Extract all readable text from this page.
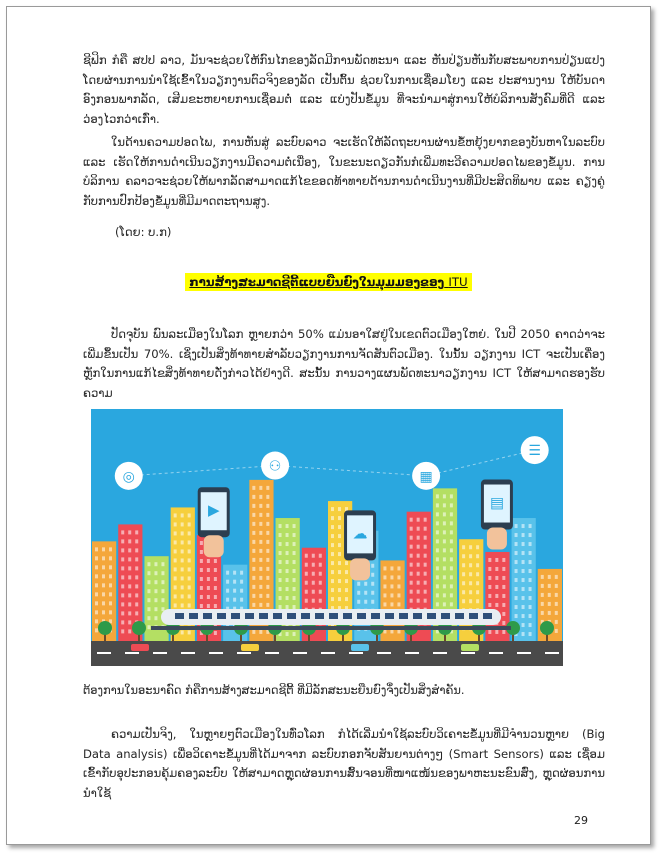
ຊີຟິກ ກໍຄື ສປປ ລາວ, ມັນຈະຊ່ວຍໃຫ້ກົນໄກຂອງລັດມີການພັດທະນາ ແລະ ຫັນປ່ຽນຫັນກັບສະພາບການປ່ຽນແປງ ໂດຍຜ່ານການນຳໃຊ້ເຂົ້າໃນວຽກງານຕົວຈິງຂອງລັດ ເປັນຕົ້ນ ຊ່ວຍໃນການເຊື່ອມໂຍງ ແລະ ປະສານງານ ໃຫ້ບັນດາອົງກອນພາກລັດ, ເສີມຂະຫຍາຍການເຊື່ອມຕໍ່ ແລະ ແບ່ງປັນຂໍ້ມູນ ທີ່ຈະນຳມາສູ່ການໃຫ້ບໍລິການສັງຄົມທີ່ດີ ແລະ ວ່ອງໄວກວ່າເກົ່າ.

ໃນດ້ານຄວາມປອດໄພ, ການຫັນສູ່ ລະບົບລາວ ຈະເຮັດໃຫ້ລັດຖະບານຜ່ານຂໍ້ຫຍຸ້ງຍາກຂອງບັນຫາໃນລະບົບ ແລະ ເຮັດໃຫ້ການດຳເນີນວຽກງານມີຄວາມຕໍ່ເນື່ອງ, ໃນຂະນະດຽວກັນກໍເພີ່ມທະວີຄວາມປອດໄພຂອງຂໍ້ມູນ. ການບໍລິການ ຄລາວຈະຊ່ວຍໃຫ້ພາກລັດສາມາດແກ້ໄຂຂອດທ້າທາຍດ້ານການດຳເນີນງານທີ່ມີປະສິດທິພາບ ແລະ ຄຽງຄູ່ກັບການປົກປ້ອງຂໍ້ມູນທີ່ມີມາດຕະຖານສູງ.

(ໂດຍ: ບ.ກ)
ການສ້າງສະມາດຊີຕີ້ແບບຍືນຍົງໃນມຸມມອງຂອງ ITU

ປັດຈຸບັນ ພົນລະເມືອງໃນໂລກ ຫຼາຍກວ່າ 50% ແມ່ນອາໃສຢູ່ໃນເຂດຕົວເມືອງໃຫຍ່. ໃນປີ 2050 ຄາດວ່າຈະເພີ່ມຂຶ້ນເປັນ 70%. ເຊິ່ງເປັນສິ່ງທ້າທາຍສຳລັບວຽກງານການຈັດສັນຕົວເມືອງ. ໃນນັ້ນ ວຽກງານ ICT ຈະເປັນເຄື່ອງຫຼັກໃນການແກ້ໄຂສິ່ງທ້າທາຍດັ່ງກ່າວໄດ້ຢ່າງດີ. ສະນັ້ນ ການວາງແຜນພັດທະນາວຽກງານ ICT ໃຫ້ສາມາດຮອງຮັບຄວາມ

◎
⚇
▦
☰
▶
☁
▤
ຕ້ອງການໃນອະນາຄົດ ກໍຄືການສ້າງສະມາດຊີຕີ້ ທີ່ມີລັກສະນະຍືນຍົງຈຶ່ງເປັນສິ່ງສຳຄັນ.

ຄວາມເປັນຈິງ, ໃນຫຼາຍໆຕົວເມືອງໃນທົ່ວໂລກ ກໍໄດ້ເລີ່ມນຳໃຊ້ລະບົບວິເຄາະຂໍ້ມູນທີ່ມີຈຳນວນຫຼາຍ (Big Data analysis) ເພື່ອວິເຄາະຂໍ້ມູນທີ່ໄດ້ມາຈາກ ລະບົບກອກຈັບສັນຍານຕ່າງໆ (Smart Sensors) ແລະ ເຊື່ອມເຂົ້າກັບອຸປະກອນຄຸ້ມຄອງລະບົບ ໃຫ້ສາມາດຫຼຸດຜ່ອນການສົ້ນຈອນທີ່ໜາແໜ້ນຂອງພາຫະນະຂົນສົ່ງ, ຫຼຸດຜ່ອນການນຳໃຊ້

29
